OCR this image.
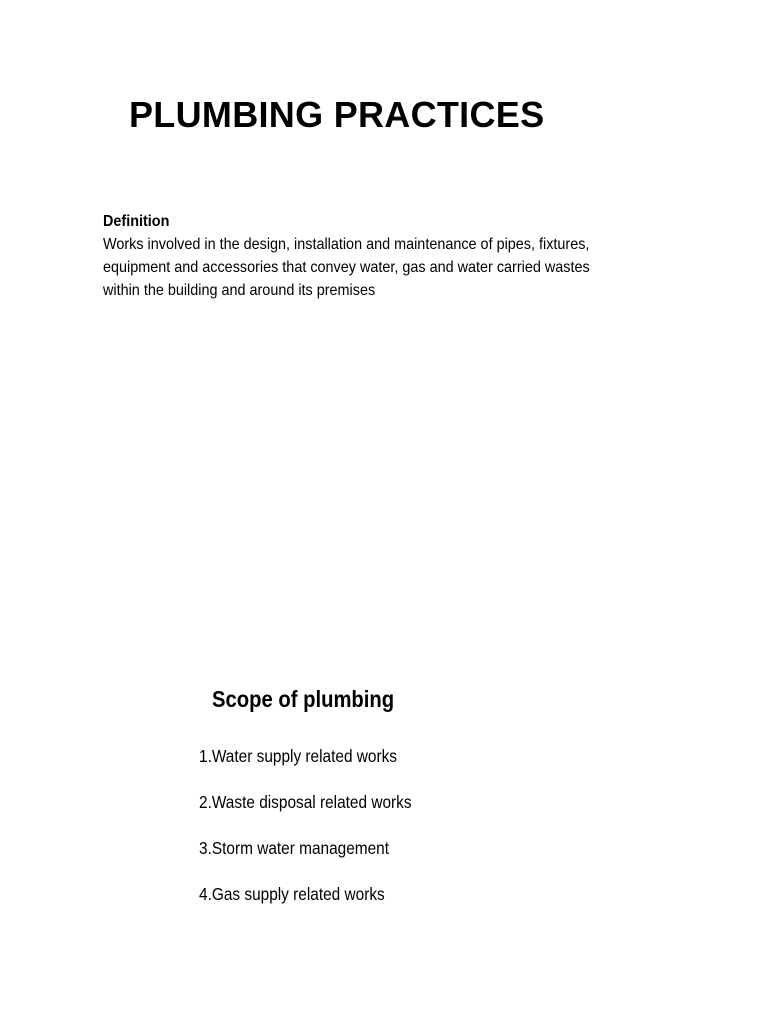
PLUMBING PRACTICES
Definition
Works involved in the design, installation and maintenance of pipes, fixtures,
equipment and accessories that convey water, gas and water carried wastes
within the building and around its premises
Scope of plumbing
1.Water supply related works
2.Waste disposal related works
3.Storm water management
4.Gas supply related works
